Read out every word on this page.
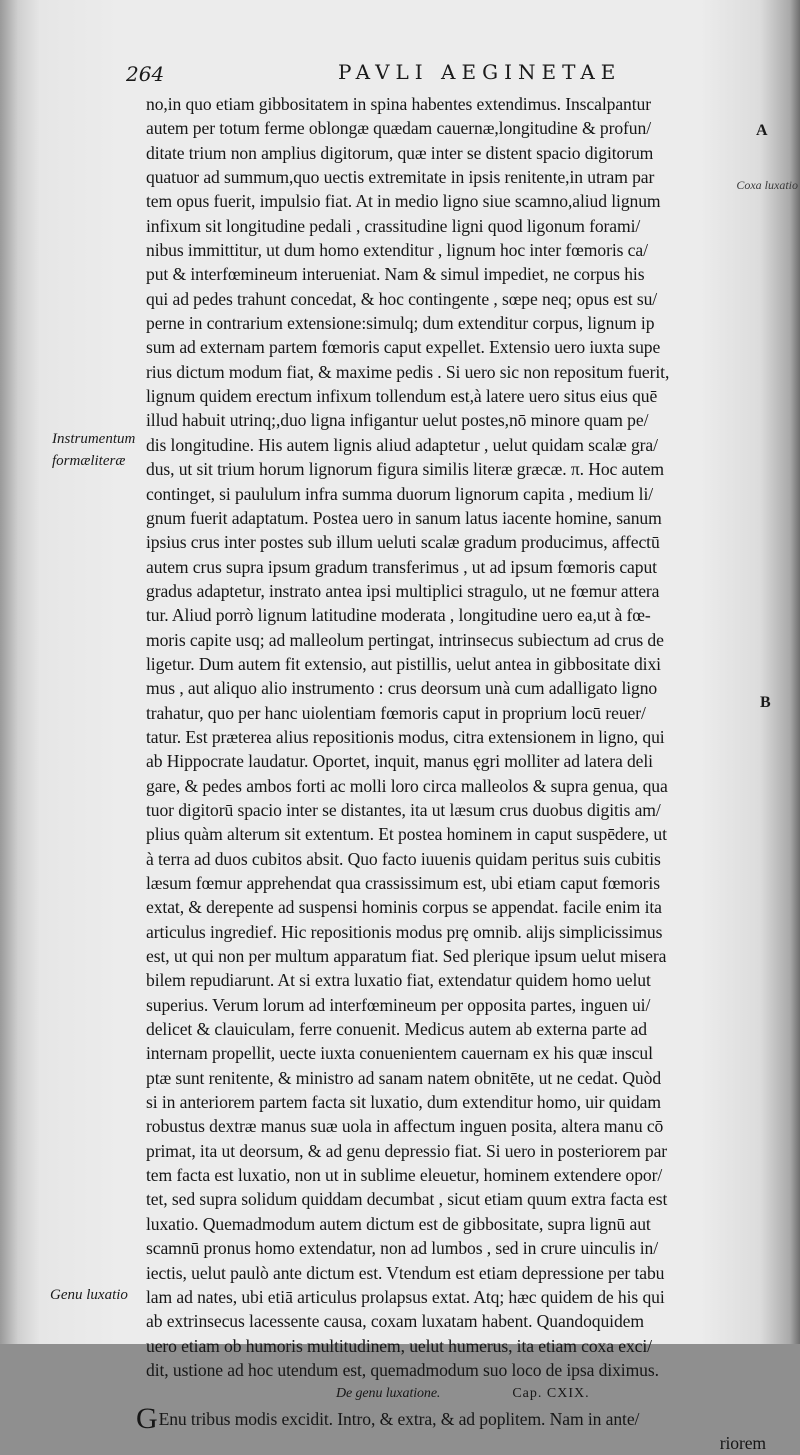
264	PAVLI AEGINETAE
Coxa luxatio
A
B
Instrumentum
formæliteræ
Genu luxatio
no,in quo etiam gibbositatem in spina habentes extendimus. Inscalpantur
autem per totum ferme oblongæ quædam cauernæ,longitudine & profun/
ditate trium non amplius digitorum, quæ inter se distent spacio digitorum
quatuor ad summum,quo uectis extremitate in ipsis renitente,in utram par
tem opus fuerit, impulsio fiat. At in medio ligno siue scamno,aliud lignum
infixum sit longitudine pedali , crassitudine ligni quod ligonum forami/
nibus immittitur, ut dum homo extenditur , lignum hoc inter fœmoris ca/
put & interfœmineum interueniat. Nam & simul impediet, ne corpus his
qui ad pedes trahunt concedat, & hoc contingente , sœpe neq; opus est su/
perne in contrarium extensione:simulq; dum extenditur corpus, lignum ip
sum ad externam partem fœmoris caput expellet. Extensio uero iuxta supe
rius dictum modum fiat, & maxime pedis . Si uero sic non repositum fuerit,
lignum quidem erectum infixum tollendum est,à latere uero situs eius quē
illud habuit utrinq;,duo ligna infigantur uelut postes,nō minore quam pe/
dis longitudine. His autem lignis aliud adaptetur , uelut quidam scalæ gra/
dus, ut sit trium horum lignorum figura similis literæ græcæ. π. Hoc autem
continget, si paululum infra summa duorum lignorum capita , medium li/
gnum fuerit adaptatum. Postea uero in sanum latus iacente homine, sanum
ipsius crus inter postes sub illum ueluti scalæ gradum producimus, affectū
autem crus supra ipsum gradum transferimus , ut ad ipsum fœmoris caput
gradus adaptetur, instrato antea ipsi multiplici stragulo, ut ne fœmur attera
tur. Aliud porrò lignum latitudine moderata , longitudine uero ea,ut à fœ-
moris capite usq; ad malleolum pertingat, intrinsecus subiectum ad crus de
ligetur. Dum autem fit extensio, aut pistillis, uelut antea in gibbositate dixi
mus , aut aliquo alio instrumento : crus deorsum unà cum adalligato ligno
trahatur, quo per hanc uiolentiam fœmoris caput in proprium locū reuer/
tatur. Est præterea alius repositionis modus, citra extensionem in ligno, qui
ab Hippocrate laudatur. Oportet, inquit, manus ęgri molliter ad latera deli
gare, & pedes ambos forti ac molli loro circa malleolos & supra genua, qua
tuor digitorū spacio inter se distantes, ita ut læsum crus duobus digitis am/
plius quàm alterum sit extentum. Et postea hominem in caput suspēdere, ut
à terra ad duos cubitos absit. Quo facto iuuenis quidam peritus suis cubitis
læsum fœmur apprehendat qua crassissimum est, ubi etiam caput fœmoris
extat, & derepente ad suspensi hominis corpus se appendat. facile enim ita
articulus ingredief. Hic repositionis modus prę omnib. alijs simplicissimus
est, ut qui non per multum apparatum fiat. Sed plerique ipsum uelut misera
bilem repudiarunt. At si extra luxatio fiat, extendatur quidem homo uelut
superius. Verum lorum ad interfœmineum per opposita partes, inguen ui/
delicet & clauiculam, ferre conuenit. Medicus autem ab externa parte ad
internam propellit, uecte iuxta conuenientem cauernam ex his quæ inscul
ptæ sunt renitente, & ministro ad sanam natem obnitēte, ut ne cedat. Quòd
si in anteriorem partem facta sit luxatio, dum extenditur homo, uir quidam
robustus dextræ manus suæ uola in affectum inguen posita, altera manu cō
primat, ita ut deorsum, & ad genu depressio fiat. Si uero in posteriorem par
tem facta est luxatio, non ut in sublime eleuetur, hominem extendere opor/
tet, sed supra solidum quiddam decumbat , sicut etiam quum extra facta est
luxatio. Quemadmodum autem dictum est de gibbositate, supra lignū aut
scamnū pronus homo extendatur, non ad lumbos , sed in crure uinculis in/
iectis, uelut paulò ante dictum est. Vtendum est etiam depressione per tabu
lam ad nates, ubi etiā articulus prolapsus extat. Atq; hæc quidem de his qui
ab extrinsecus lacessente causa, coxam luxatam habent. Quandoquidem
uero etiam ob humoris multitudinem, uelut humerus, ita etiam coxa exci/
dit, ustione ad hoc utendum est, quemadmodum suo loco de ipsa diximus.
De genu luxatione.	Cap. CXIX.
GEnu tribus modis excidit. Intro, & extra, & ad poplitem. Nam in ante/
riorem
